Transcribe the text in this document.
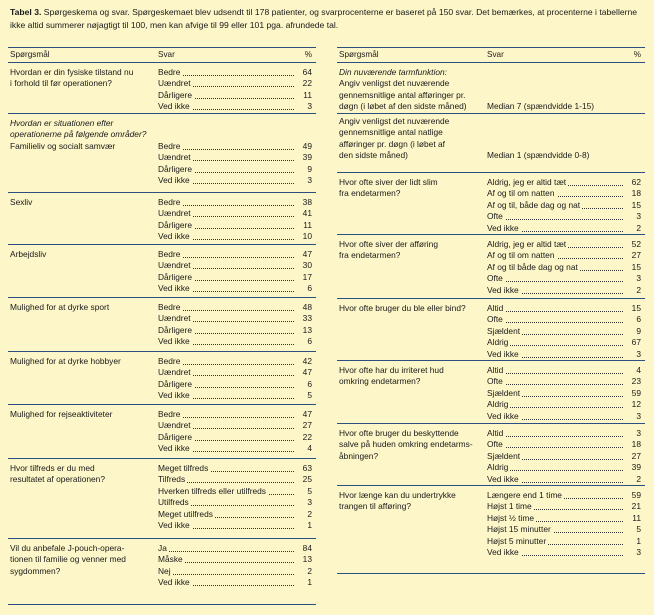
Tabel 3. Spørgeskema og svar. Spørgeskemaet blev udsendt til 178 patienter, og svarprocenterne er baseret på 150 svar. Det bemærkes, at procenterne i tabellerne ikke altid summerer nøjagtigt til 100, men kan afvige til 99 eller 101 pga. afrundede tal.
Spørgsmål	Svar	%
Hvordan er din fysiske tilstand nu
i forhold til før operationen?
Bedre	64
Uændret	22
Dårligere	11
Ved ikke	3
Hvordan er situationen efter
operationerne på følgende områder?
Familieliv og socialt samvær	Bedre	49
Uændret	39
Dårligere	9
Ved ikke	3
Sexliv	Bedre	38
Uændret	41
Dårligere	11
Ved ikke	10
Arbejdsliv	Bedre	47
Uændret	30
Dårligere	17
Ved ikke	6
Mulighed for at dyrke sport	Bedre	48
Uændret	33
Dårligere	13
Ved ikke	6
Mulighed for at dyrke hobbyer	Bedre	42
Uændret	47
Dårligere	6
Ved ikke	5
Mulighed for rejseaktiviteter	Bedre	47
Uændret	27
Dårligere	22
Ved ikke	4
Hvor tilfreds er du med
resultatet af operationen?
Meget tilfreds	63
Tilfreds	25
Hverken tilfreds eller utilfreds	5
Utilfreds	3
Meget utilfreds	2
Ved ikke	1
Vil du anbefale J-pouch-opera-
tionen til familie og venner med
sygdommen?
Ja	84
Måske	13
Nej	2
Ved ikke	1
Spørgsmål	Svar	%
Din nuværende tarmfunktion:
Angiv venligst det nuværende
gennemsnitlige antal afføringer pr.
døgn (i løbet af den sidste måned)	Median 7 (spændvidde 1-15)
Angiv venligst det nuværende
gennemsnitlige antal natlige
afføringer pr. døgn (i løbet af
den sidste måned)	Median 1 (spændvidde 0-8)
Hvor ofte siver der lidt slim
fra endetarmen?
Aldrig, jeg er altid tæt	62
Af og til om natten	18
Af og til, både dag og nat	15
Ofte	3
Ved ikke	2
Hvor ofte siver der afføring
fra endetarmen?
Aldrig, jeg er altid tæt	52
Af og til om natten	27
Af og til både dag og nat	15
Ofte	3
Ved ikke	2
Hvor ofte bruger du ble eller bind?	Altid	15
Ofte	6
Sjældent	9
Aldrig	67
Ved ikke	3
Hvor ofte har du irriteret hud
omkring endetarmen?
Altid	4
Ofte	23
Sjældent	59
Aldrig	12
Ved ikke	3
Hvor ofte bruger du beskyttende
salve på huden omkring endetarms-
åbningen?
Altid	3
Ofte	18
Sjældent	27
Aldrig	39
Ved ikke	2
Hvor længe kan du undertrykke
trangen til afføring?
Længere end 1 time	59
Højst 1 time	21
Højst ½ time	11
Højst 15 minutter	5
Højst 5 minutter	1
Ved ikke	3
